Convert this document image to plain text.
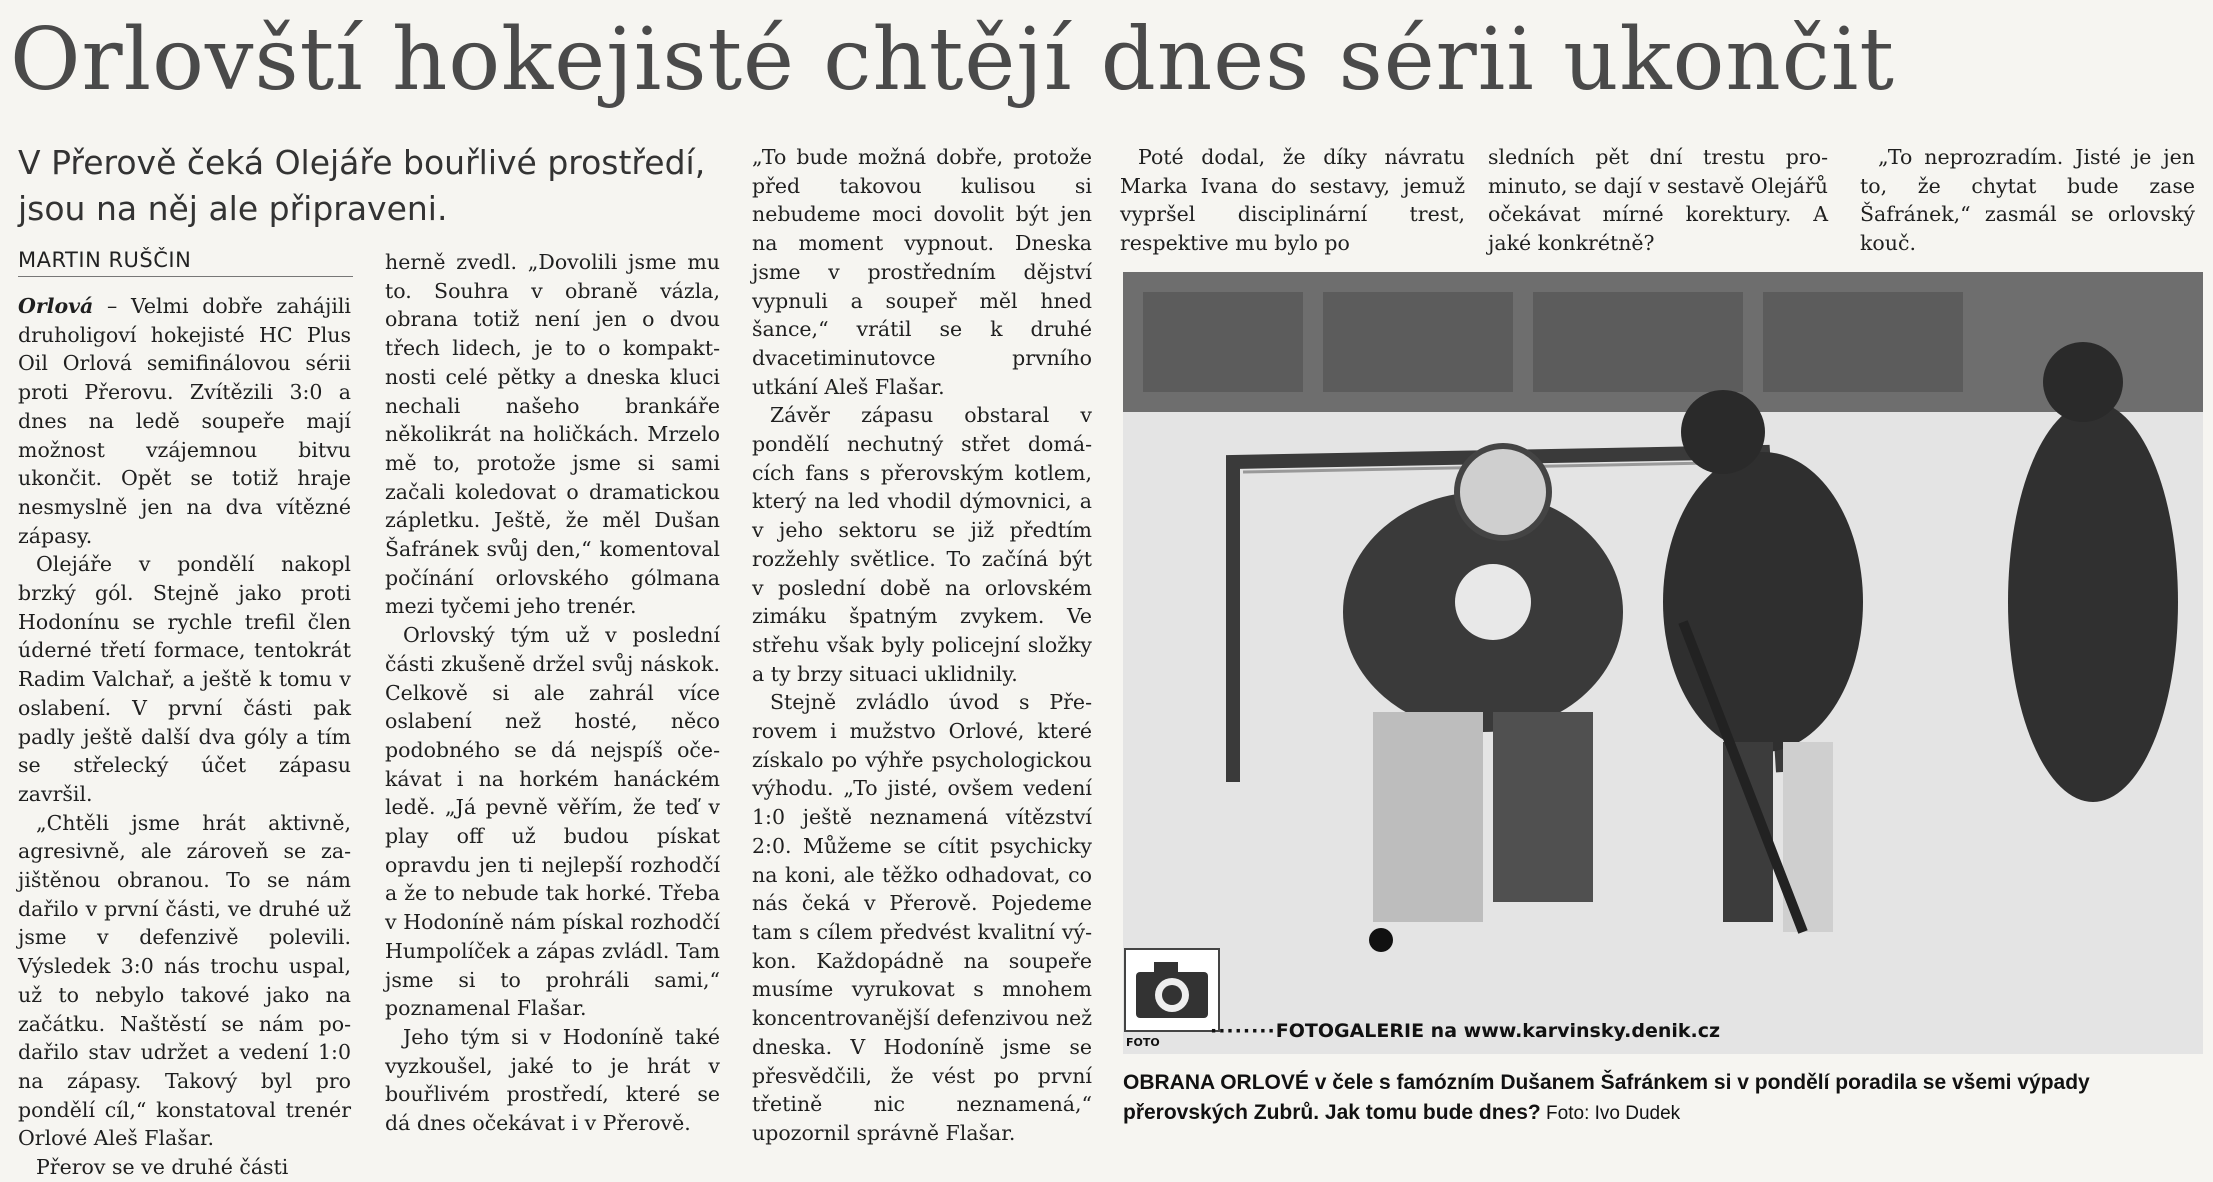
Orlovští hokejisté chtějí dnes sérii ukončit

V Přerově čeká Olejáře bouřlivé prostředí, jsou na něj ale připraveni.

MARTIN RUŠČIN

Orlová – Velmi dobře zahájili druholigoví hokejisté HC Plus Oil Orlová semifinálovou sérii proti Přerovu. Zvítězili 3:0 a dnes na ledě soupeře mají možnost vzájemnou bitvu ukončit. Opět se totiž hraje nesmyslně jen na dva vítězné zápasy.

Olejáře v pondělí nakopl brzký gól. Stejně jako proti Hodonínu se rychle trefil člen úderné třetí formace, tentokrát Radim Valchař, a ještě k tomu v oslabení. V první části pak padly ještě další dva góly a tím se střelecký účet zápasu završil.

„Chtěli jsme hrát aktivně, agresivně, ale zároveň se zajištěnou obranou. To se nám dařilo v první části, ve druhé už jsme v defenzivě polevili. Výsledek 3:0 nás trochu uspal, už to nebylo takové jako na začátku. Naštěstí se nám podařilo stav udržet a vedení 1:0 na zápasy. Takový byl pro pondělí cíl,“ konstatoval trenér Orlové Aleš Flašar.

Přerov se ve druhé části

herně zvedl. „Dovolili jsme mu to. Souhra v obraně vázla, obrana totiž není jen o dvou třech lidech, je to o kompaktnosti celé pětky a dneska kluci nechali našeho brankáře několikrát na holičkách. Mrzelo mě to, protože jsme si sami začali koledovat o dramatickou zápletku. Ještě, že měl Dušan Šafránek svůj den,“ komentoval počínání orlovského gólmana mezi tyčemi jeho trenér.

Orlovský tým už v poslední části zkušeně držel svůj náskok. Celkově si ale zahrál více oslabení než hosté, něco podobného se dá nejspíš očekávat i na horkém hanáckém ledě. „Já pevně věřím, že teď v play off už budou pískat opravdu jen ti nejlepší rozhodčí a že to nebude tak horké. Třeba v Hodoníně nám pískal rozhodčí Humpolíček a zápas zvládl. Tam jsme si to prohráli sami,“ poznamenal Flašar.

Jeho tým si v Hodoníně také vyzkoušel, jaké to je hrát v bouřlivém prostředí, které se dá dnes očekávat i v Přerově.

„To bude možná dobře, protože před takovou kulisou si nebudeme moci dovolit být jen na moment vypnout. Dneska jsme v prostředním dějství vypnuli a soupeř měl hned šance,“ vrátil se k druhé dvacetiminutovce prvního utkání Aleš Flašar.

Závěr zápasu obstaral v pondělí nechutný střet domácích fans s přerovským kotlem, který na led vhodil dýmovnici, a v jeho sektoru se již předtím rozžehly světlice. To začíná být v poslední době na orlovském zimáku špatným zvykem. Ve střehu však byly policejní složky a ty brzy situaci uklidnily.

Stejně zvládlo úvod s Přerovem i mužstvo Orlové, které získalo po výhře psychologickou výhodu. „To jisté, ovšem vedení 1:0 ještě neznamená vítězství 2:0. Můžeme se cítit psychicky na koni, ale těžko odhadovat, co nás čeká v Přerově. Pojedeme tam s cílem předvést kvalitní výkon. Každopádně na soupeře musíme vyrukovat s mnohem koncentrovanější defenzivou než dneska. V Hodoníně jsme se přesvědčili, že vést po první třetině nic neznamená,“ upozornil správně Flašar.

Poté dodal, že díky návratu Marka Ivana do sestavy, jemuž vypršel disciplinární trest, respektive mu bylo po

sledních pět dní trestu prominuto, se dají v sestavě Olejářů očekávat mírné korektury. A jaké konkrétně?

„To neprozradím. Jisté je jen to, že chytat bude zase Šafránek,“ zasmál se orlovský kouč.

FOTO
········FOTOGALERIE na www.karvinsky.denik.cz
OBRANA ORLOVÉ v čele s famózním Dušanem Šafránkem si v pondělí poradila se všemi výpady přerovských Zubrů. Jak tomu bude dnes? Foto: Ivo Dudek
